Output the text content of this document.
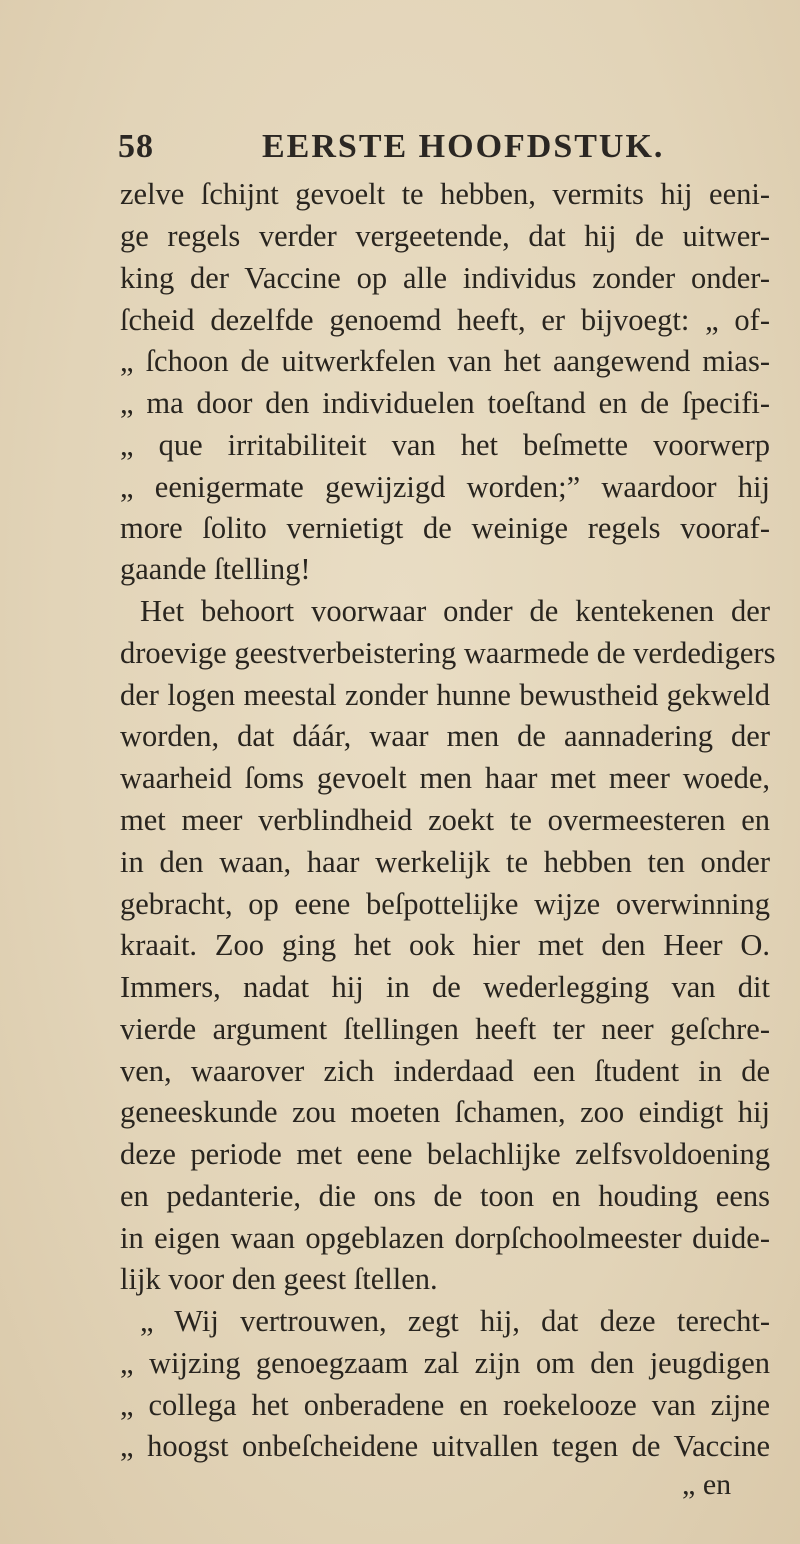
58	EERSTE HOOFDSTUK.
zelve ſchijnt gevoelt te hebben, vermits hij eeni-
ge regels verder vergeetende, dat hij de uitwer-
king der Vaccine op alle individus zonder onder-
ſcheid dezelfde genoemd heeft, er bijvoegt: „ of-
„ ſchoon de uitwerkfelen van het aangewend mias-
„ ma door den individuelen toeſtand en de ſpecifi-
„ que irritabiliteit van het beſmette voorwerp
„ eenigermate gewijzigd worden;” waardoor hij
more ſolito vernietigt de weinige regels vooraf-
gaande ſtelling!
Het behoort voorwaar onder de kentekenen der
droevige geestverbeistering waarmede de verdedigers
der logen meestal zonder hunne bewustheid gekweld
worden, dat dáár, waar men de aannadering der
waarheid ſoms gevoelt men haar met meer woede,
met meer verblindheid zoekt te overmeesteren en
in den waan, haar werkelijk te hebben ten onder
gebracht, op eene beſpottelijke wijze overwinning
kraait. Zoo ging het ook hier met den Heer O.
Immers, nadat hij in de wederlegging van dit
vierde argument ſtellingen heeft ter neer geſchre-
ven, waarover zich inderdaad een ſtudent in de
geneeskunde zou moeten ſchamen, zoo eindigt hij
deze periode met eene belachlijke zelfsvoldoening
en pedanterie, die ons de toon en houding eens
in eigen waan opgeblazen dorpſchoolmeester duide-
lijk voor den geest ſtellen.
„ Wij vertrouwen, zegt hij, dat deze terecht-
„ wijzing genoegzaam zal zijn om den jeugdigen
„ collega het onberadene en roekelooze van zijne
„ hoogst onbeſcheidene uitvallen tegen de Vaccine
„ en
